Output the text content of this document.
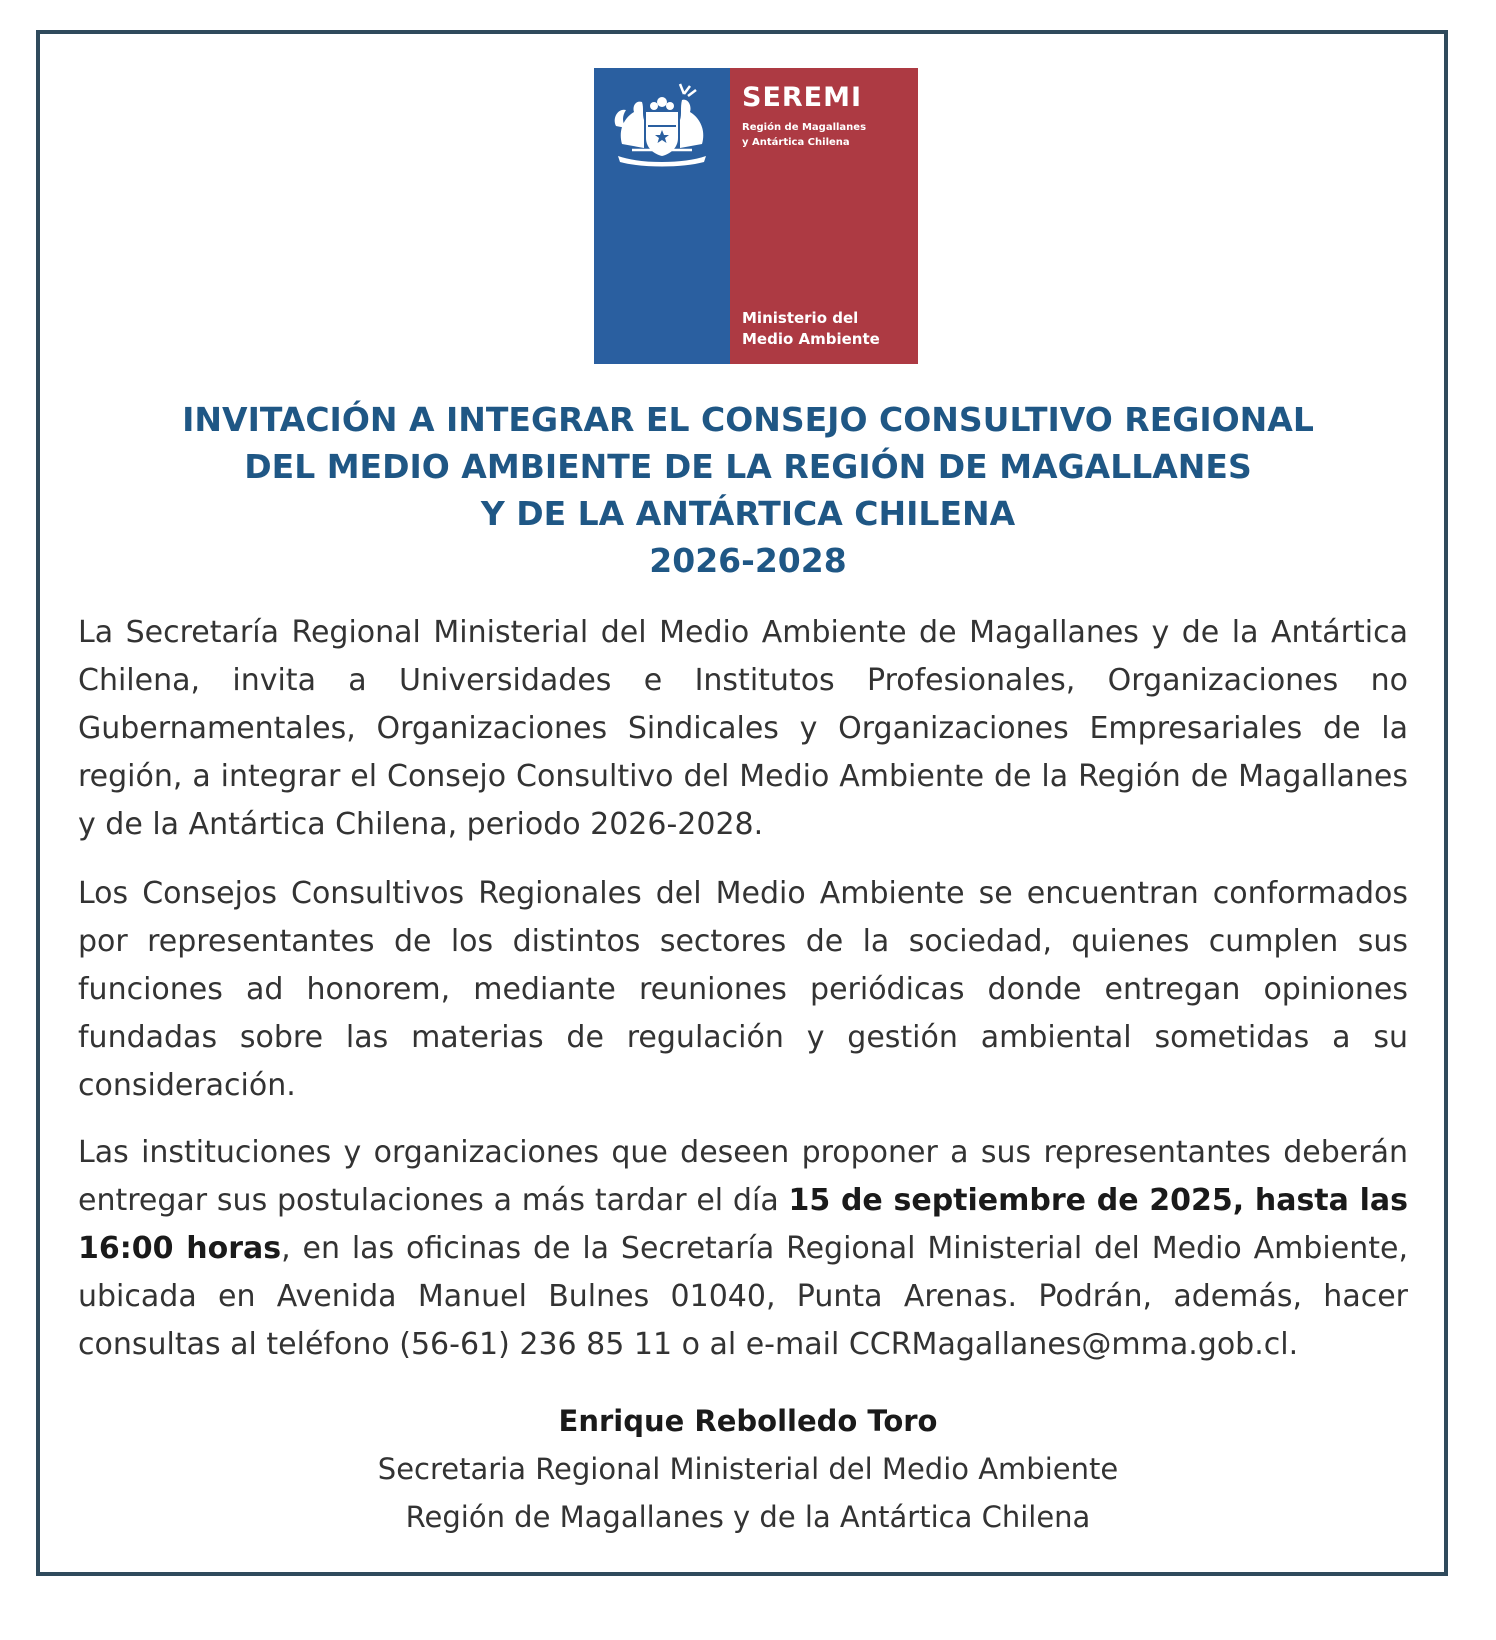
SEREMI
Región de Magallanes
y Antártica Chilena
Ministerio del
Medio Ambiente
INVITACIÓN A INTEGRAR EL CONSEJO CONSULTIVO REGIONAL
DEL MEDIO AMBIENTE DE LA REGIÓN DE MAGALLANES
Y DE LA ANTÁRTICA CHILENA
2026-2028

La Secretaría Regional Ministerial del Medio Ambiente de Magallanes y de la Antártica Chilena, invita a Universidades e Institutos Profesionales, Organizaciones no Gubernamentales, Organizaciones Sindicales y Organizaciones Empresariales de la región, a integrar el Consejo Consultivo del Medio Ambiente de la Región de Magallanes y de la Antártica Chilena, periodo 2026-2028.

Los Consejos Consultivos Regionales del Medio Ambiente se encuentran conformados por representantes de los distintos sectores de la sociedad, quienes cumplen sus funciones ad honorem, mediante reuniones periódicas donde entregan opiniones fundadas sobre las materias de regulación y gestión ambiental sometidas a su consideración.

Las instituciones y organizaciones que deseen proponer a sus representantes deberán entregar sus postulaciones a más tardar el día 15 de septiembre de 2025, hasta las 16:00 horas, en las oficinas de la Secretaría Regional Ministerial del Medio Ambiente, ubicada en Avenida Manuel Bulnes 01040, Punta Arenas. Podrán, además, hacer consultas al teléfono (56-61) 236 85 11 o al e-mail CCRMagallanes@mma.gob.cl.

Enrique Rebolledo Toro
Secretaria Regional Ministerial del Medio Ambiente
Región de Magallanes y de la Antártica Chilena
